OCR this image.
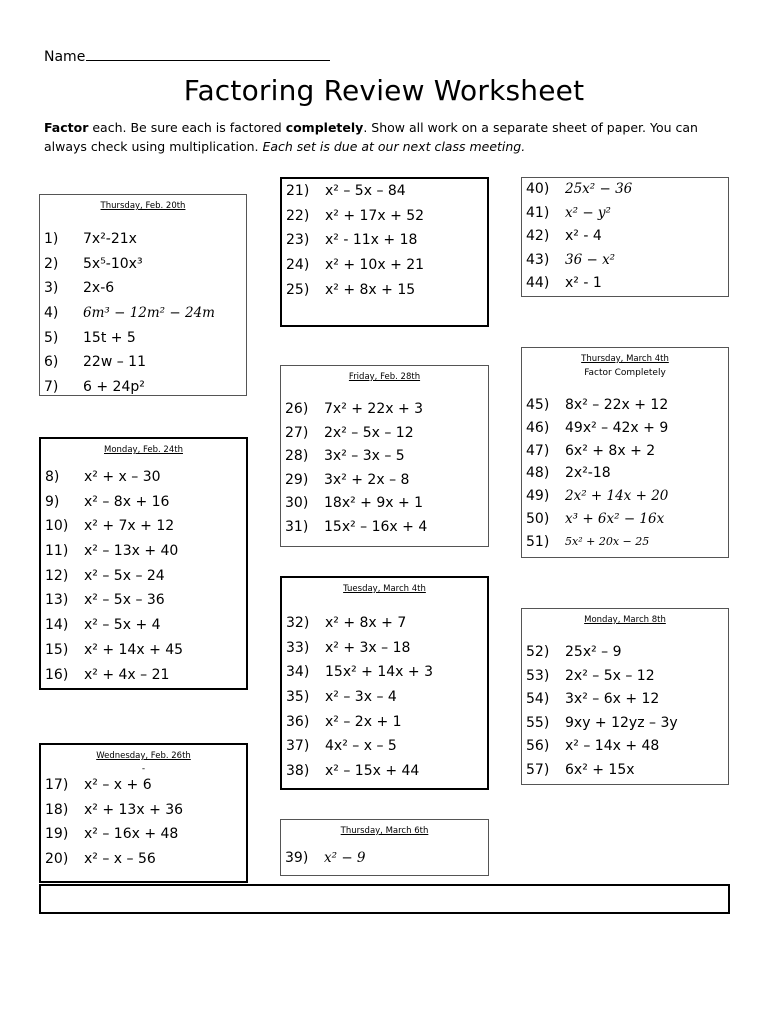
Name
Factoring Review Worksheet
Factor each. Be sure each is factored completely. Show all work on a separate sheet of paper. You can always check using multiplication. Each set is due at our next class meeting.
Thursday, Feb. 20th
1)	7x²-21x
2)	5x⁵-10x³
3)	2x-6
4)	6m³ − 12m² − 24m
5)	15t + 5
6)	22w – 11
7)	6 + 24p²
Monday, Feb. 24th
8)	x² + x – 30
9)	x² – 8x + 16
10)	x² + 7x + 12
11)	x² – 13x + 40
12)	x² – 5x – 24
13)	x² – 5x – 36
14)	x² – 5x + 4
15)	x² + 14x + 45
16)	x² + 4x – 21
Wednesday, Feb. 26th
-
17)	x² – x + 6
18)	x² + 13x + 36
19)	x² – 16x + 48
20)	x² – x – 56
21)	x² – 5x – 84
22)	x² + 17x + 52
23)	x² - 11x + 18
24)	x² + 10x + 21
25)	x² + 8x + 15
Friday, Feb. 28th
26)	7x² + 22x + 3
27)	2x² – 5x – 12
28)	3x² – 3x – 5
29)	3x² + 2x – 8
30)	18x² + 9x + 1
31)	15x² – 16x + 4
Tuesday, March 4th
32)	x² + 8x + 7
33)	x² + 3x – 18
34)	15x² + 14x + 3
35)	x² – 3x – 4
36)	x² – 2x + 1
37)	4x² – x – 5
38)	x² – 15x + 44
Thursday, March 6th
39)	x² − 9
40)	25x² − 36
41)	x² − y²
42)	x² - 4
43)	36 − x²
44)	x² - 1
Thursday, March 4th
Factor Completely
45)	8x² – 22x + 12
46)	49x² – 42x + 9
47)	6x² + 8x + 2
48)	2x²-18
49)	2x² + 14x + 20
50)	x³ + 6x² − 16x
51)	5x² + 20x − 25
Monday, March 8th
52)	25x² – 9
53)	2x² – 5x – 12
54)	3x² – 6x + 12
55)	9xy + 12yz – 3y
56)	x² – 14x + 48
57)	6x² + 15x
